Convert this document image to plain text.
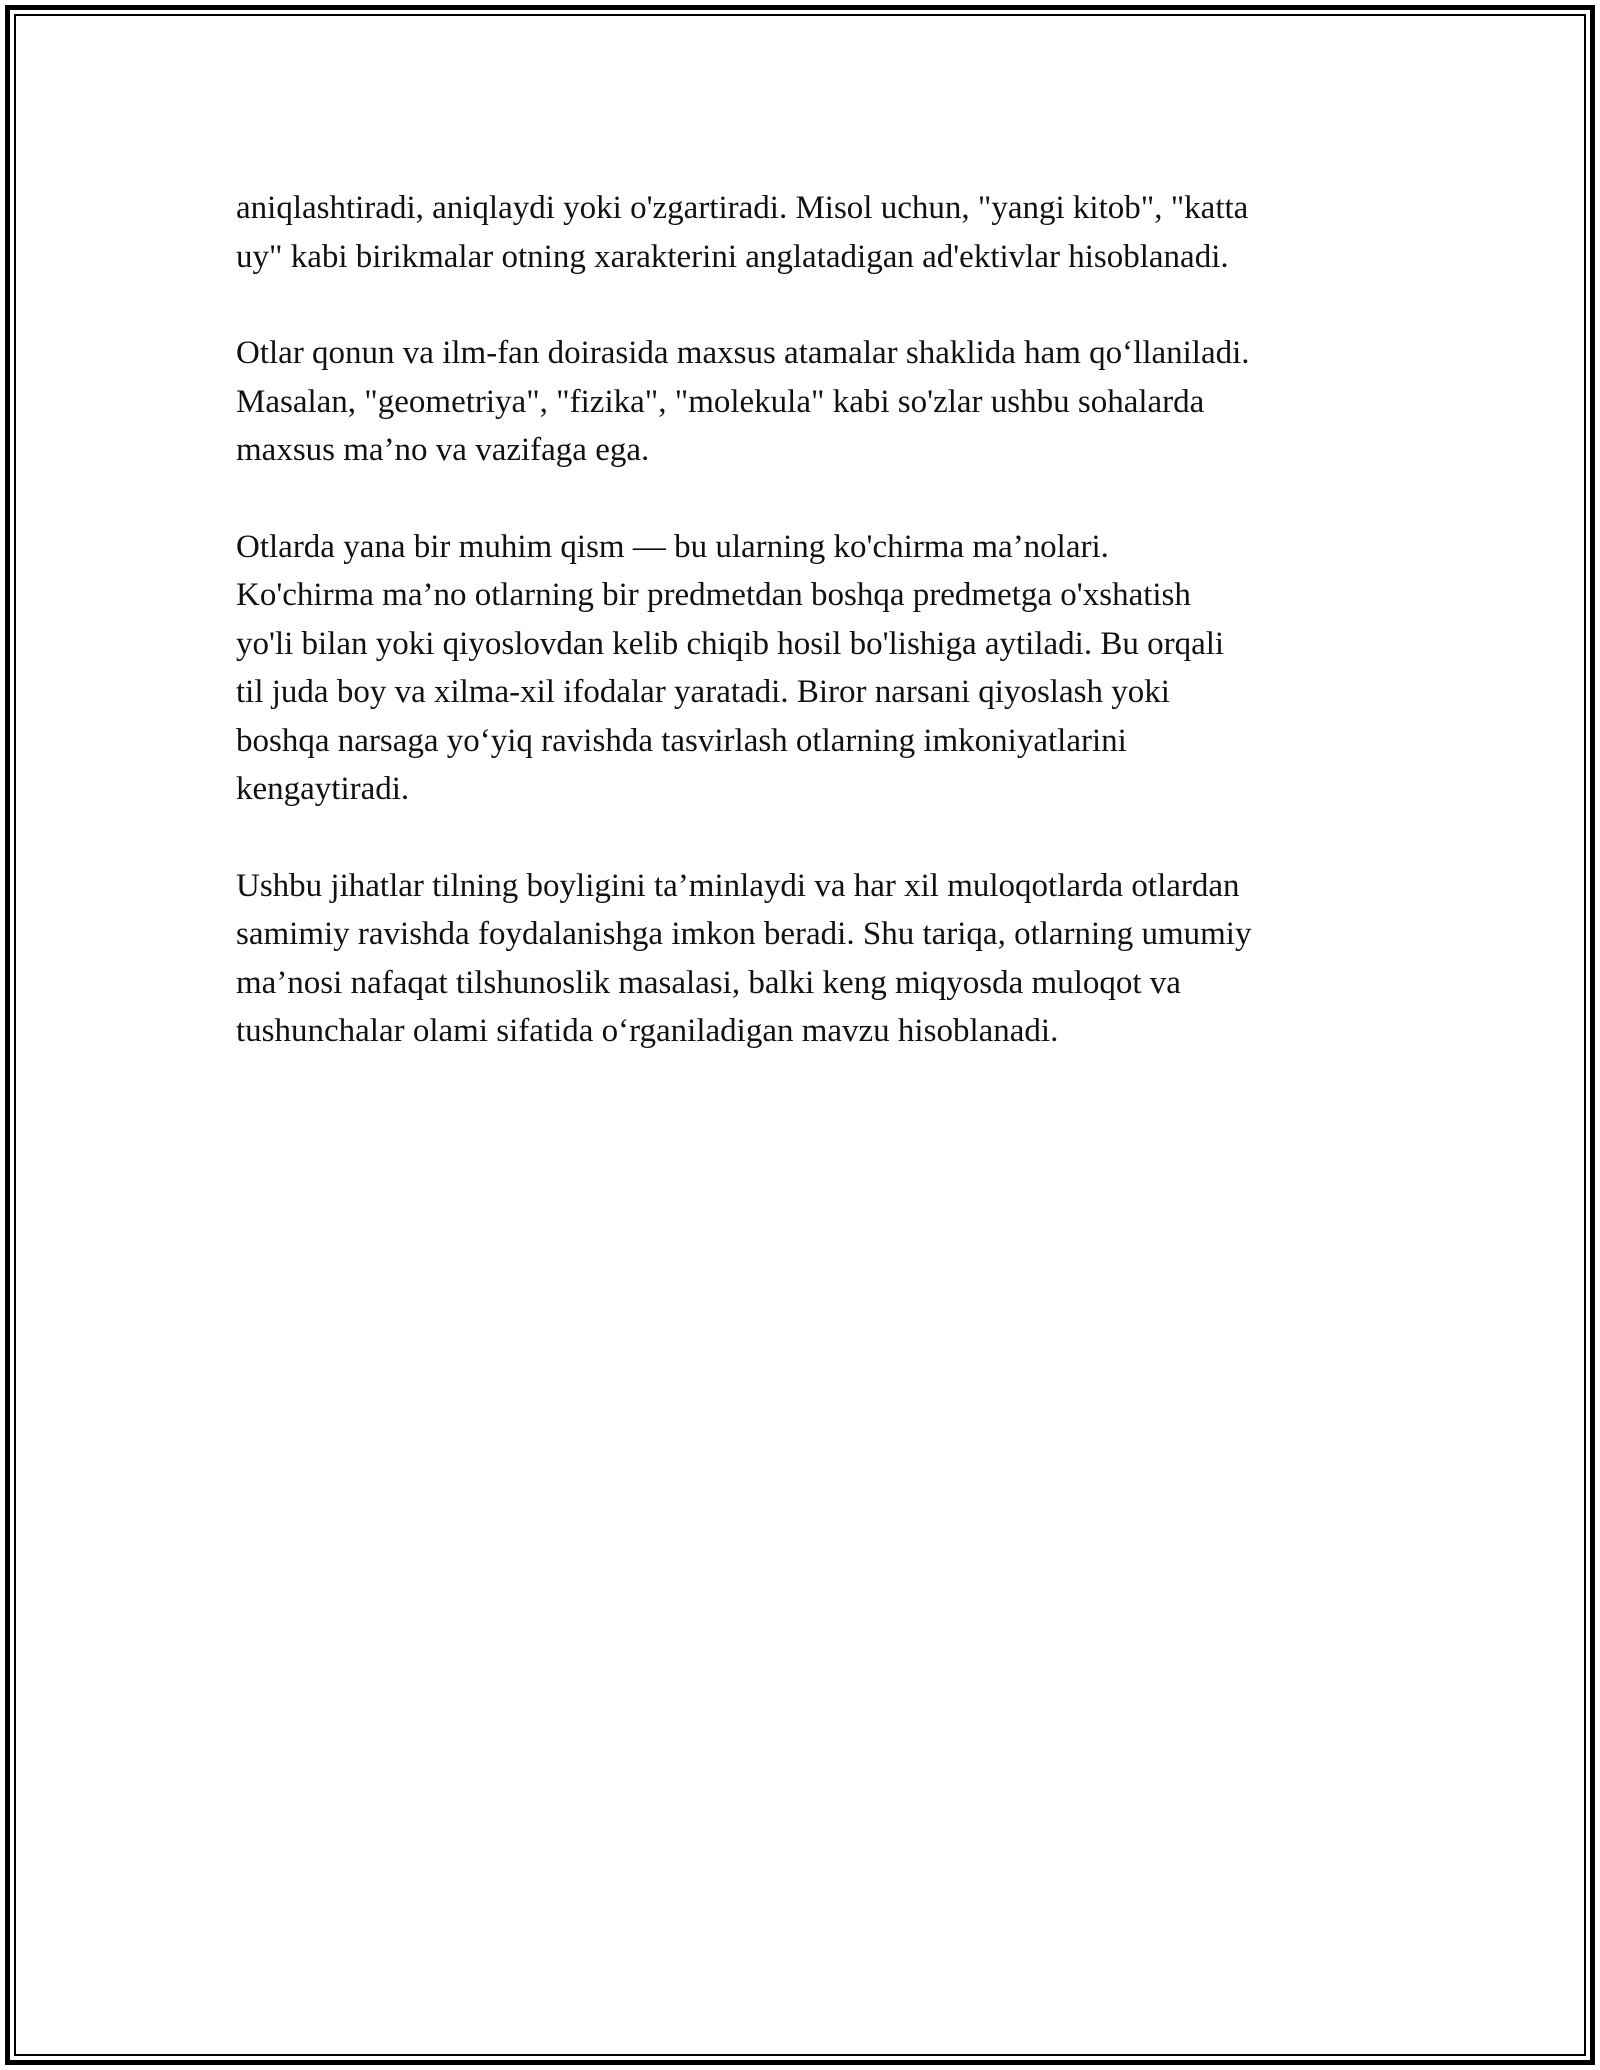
aniqlashtiradi, aniqlaydi yoki o'zgartiradi. Misol uchun, "yangi kitob", "katta
uy" kabi birikmalar otning xarakterini anglatadigan ad'ektivlar hisoblanadi.

Otlar qonun va ilm-fan doirasida maxsus atamalar shaklida ham qo‘llaniladi.
Masalan, "geometriya", "fizika", "molekula" kabi so'zlar ushbu sohalarda
maxsus ma’no va vazifaga ega.

Otlarda yana bir muhim qism — bu ularning ko'chirma ma’nolari.
Ko'chirma ma’no otlarning bir predmetdan boshqa predmetga o'xshatish
yo'li bilan yoki qiyoslovdan kelib chiqib hosil bo'lishiga aytiladi. Bu orqali
til juda boy va xilma-xil ifodalar yaratadi. Biror narsani qiyoslash yoki
boshqa narsaga yo‘yiq ravishda tasvirlash otlarning imkoniyatlarini
kengaytiradi.

Ushbu jihatlar tilning boyligini ta’minlaydi va har xil muloqotlarda otlardan
samimiy ravishda foydalanishga imkon beradi. Shu tariqa, otlarning umumiy
ma’nosi nafaqat tilshunoslik masalasi, balki keng miqyosda muloqot va
tushunchalar olami sifatida o‘rganiladigan mavzu hisoblanadi.
